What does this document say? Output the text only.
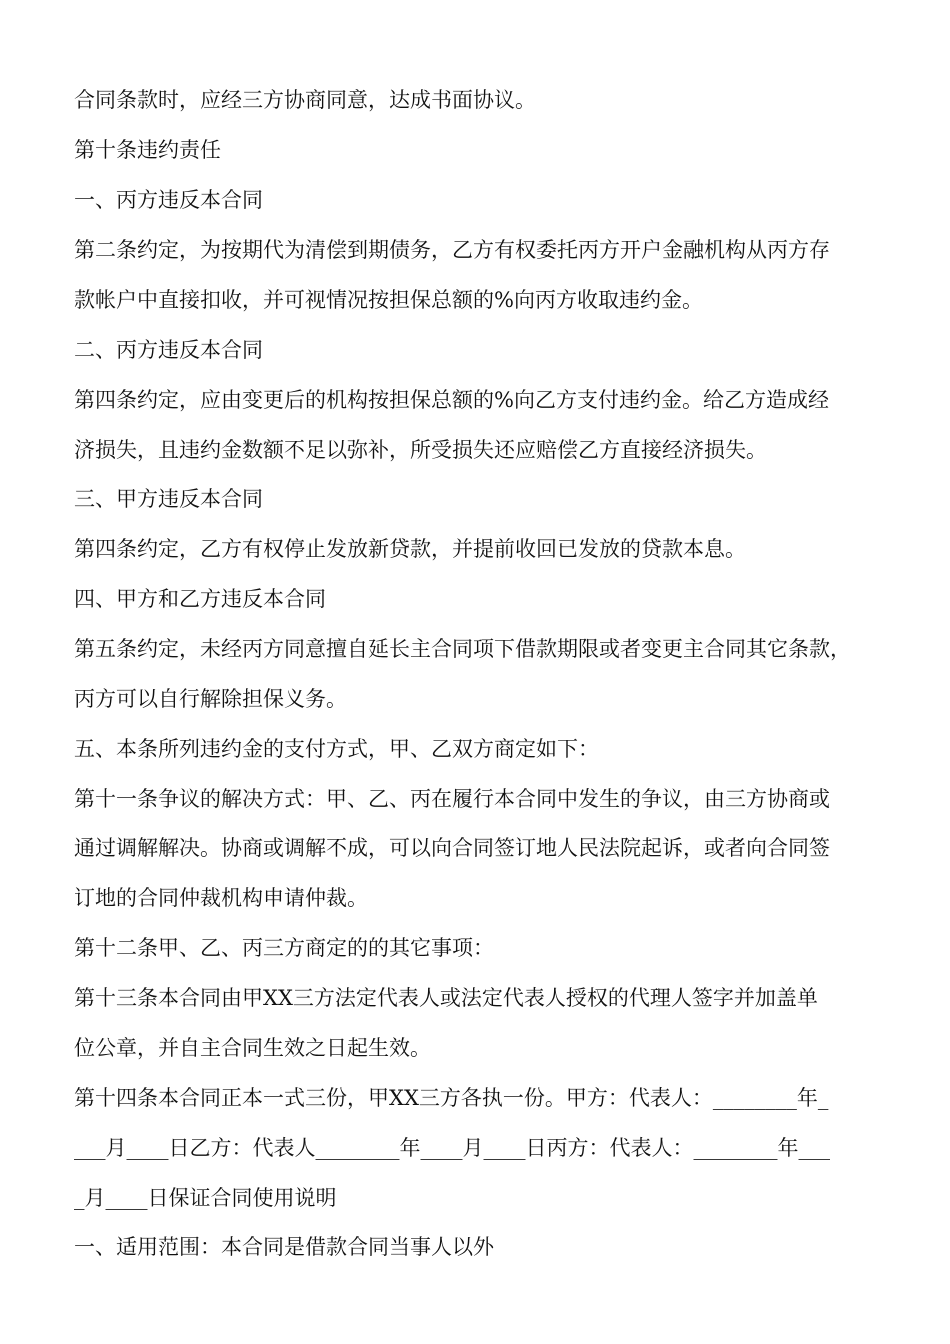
合同条款时，应经三方协商同意，达成书面协议。
第十条违约责任
一、丙方违反本合同
第二条约定，为按期代为清偿到期债务，乙方有权委托丙方开户金融机构从丙方存
款帐户中直接扣收，并可视情况按担保总额的%向丙方收取违约金。
二、丙方违反本合同
第四条约定，应由变更后的机构按担保总额的%向乙方支付违约金。给乙方造成经
济损失，且违约金数额不足以弥补，所受损失还应赔偿乙方直接经济损失。
三、甲方违反本合同
第四条约定，乙方有权停止发放新贷款，并提前收回已发放的贷款本息。
四、甲方和乙方违反本合同
第五条约定，未经丙方同意擅自延长主合同项下借款期限或者变更主合同其它条款，
丙方可以自行解除担保义务。
五、本条所列违约金的支付方式，甲、乙双方商定如下：
第十一条争议的解决方式：甲、乙、丙在履行本合同中发生的争议，由三方协商或
通过调解解决。协商或调解不成，可以向合同签订地人民法院起诉，或者向合同签
订地的合同仲裁机构申请仲裁。
第十二条甲、乙、丙三方商定的的其它事项：
第十三条本合同由甲XX三方法定代表人或法定代表人授权的代理人签字并加盖单
位公章，并自主合同生效之日起生效。
第十四条本合同正本一式三份，甲XX三方各执一份。甲方：代表人：________年_
___月____日乙方：代表人________年____月____日丙方：代表人：________年___
_月____日保证合同使用说明
一、适用范围：本合同是借款合同当事人以外
